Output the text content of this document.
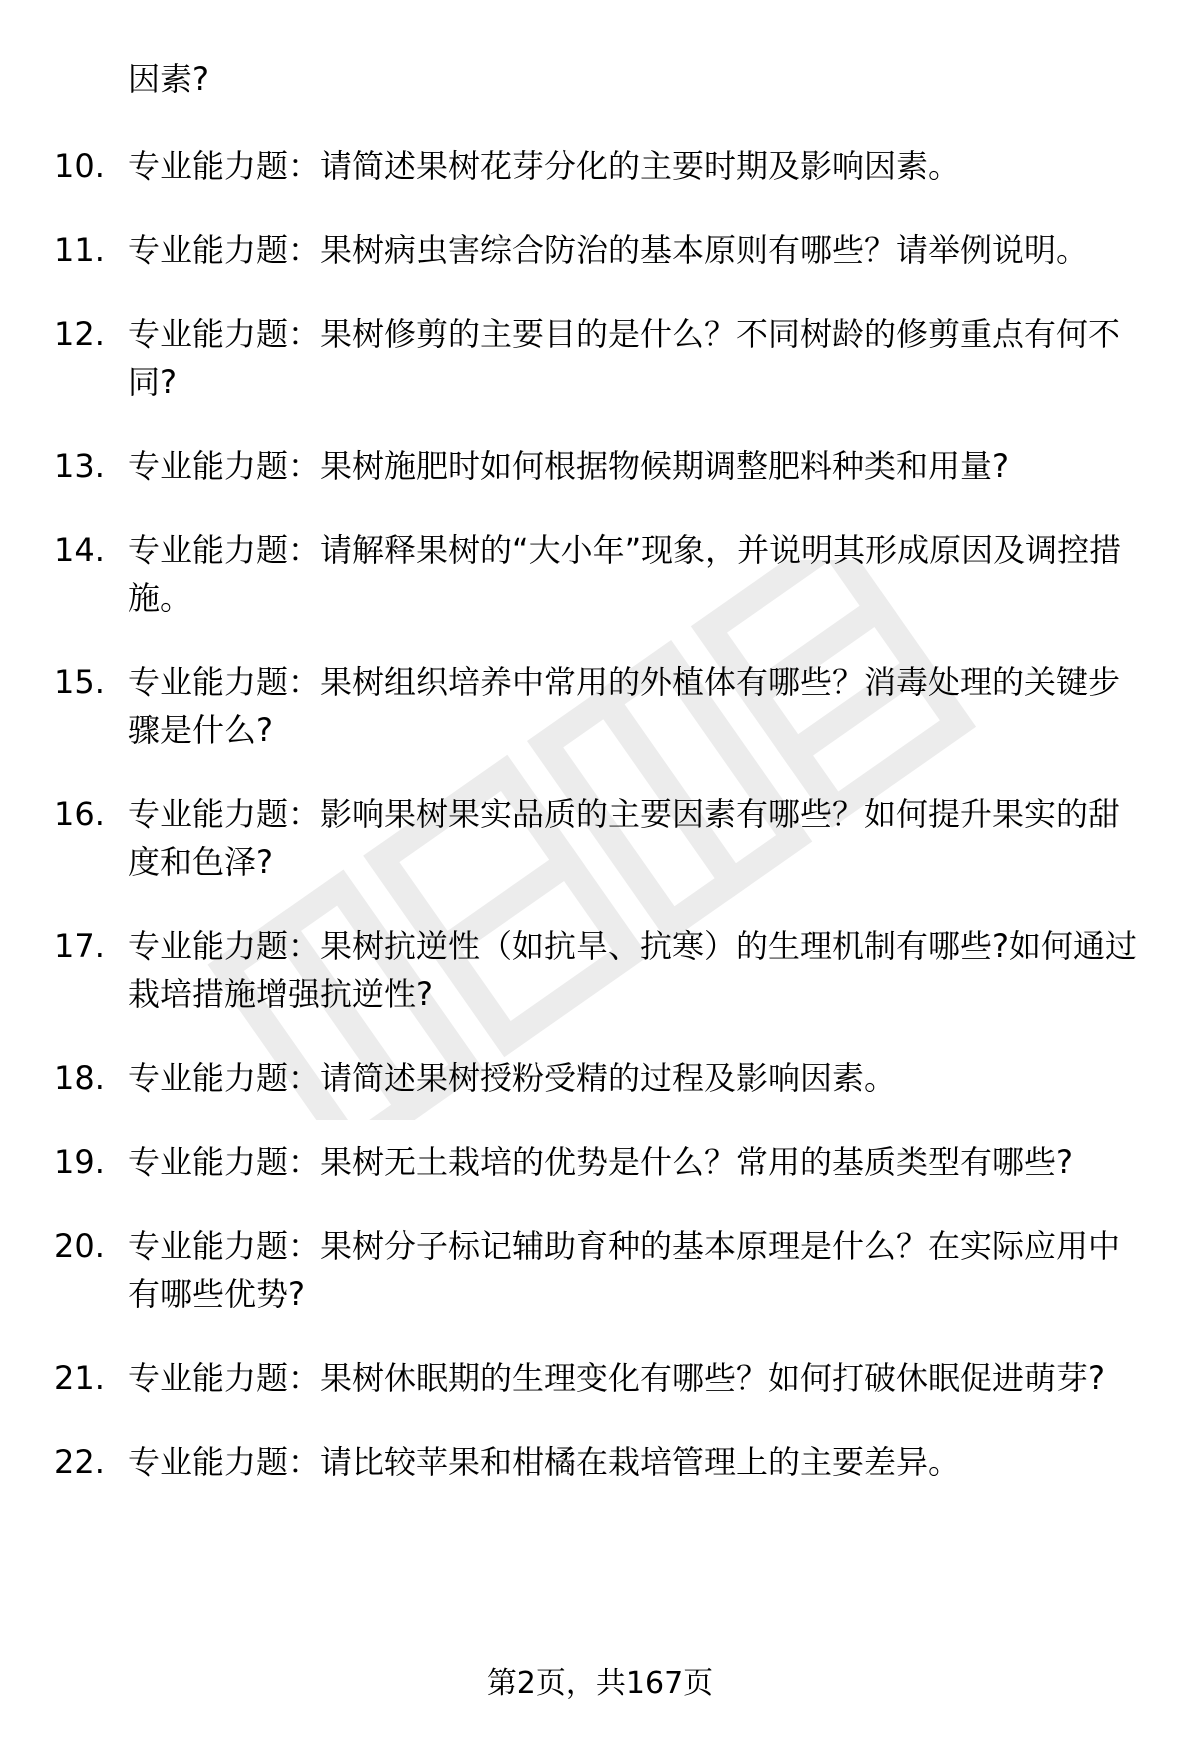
因素?

10. 专业能力题：请简述果树花芽分化的主要时期及影响因素。
11. 专业能力题：果树病虫害综合防治的基本原则有哪些？请举例说明。
12. 专业能力题：果树修剪的主要目的是什么？不同树龄的修剪重点有何不同?
13. 专业能力题：果树施肥时如何根据物候期调整肥料种类和用量?
14. 专业能力题：请解释果树的“大小年”现象，并说明其形成原因及调控措施。
15. 专业能力题：果树组织培养中常用的外植体有哪些？消毒处理的关键步骤是什么?
16. 专业能力题：影响果树果实品质的主要因素有哪些？如何提升果实的甜度和色泽?
17. 专业能力题：果树抗逆性（如抗旱、抗寒）的生理机制有哪些?如何通过栽培措施增强抗逆性?
18. 专业能力题：请简述果树授粉受精的过程及影响因素。
19. 专业能力题：果树无土栽培的优势是什么？常用的基质类型有哪些?
20. 专业能力题：果树分子标记辅助育种的基本原理是什么？在实际应用中有哪些优势?
21. 专业能力题：果树休眠期的生理变化有哪些？如何打破休眠促进萌芽?
22. 专业能力题：请比较苹果和柑橘在栽培管理上的主要差异。

第2页，共167页
